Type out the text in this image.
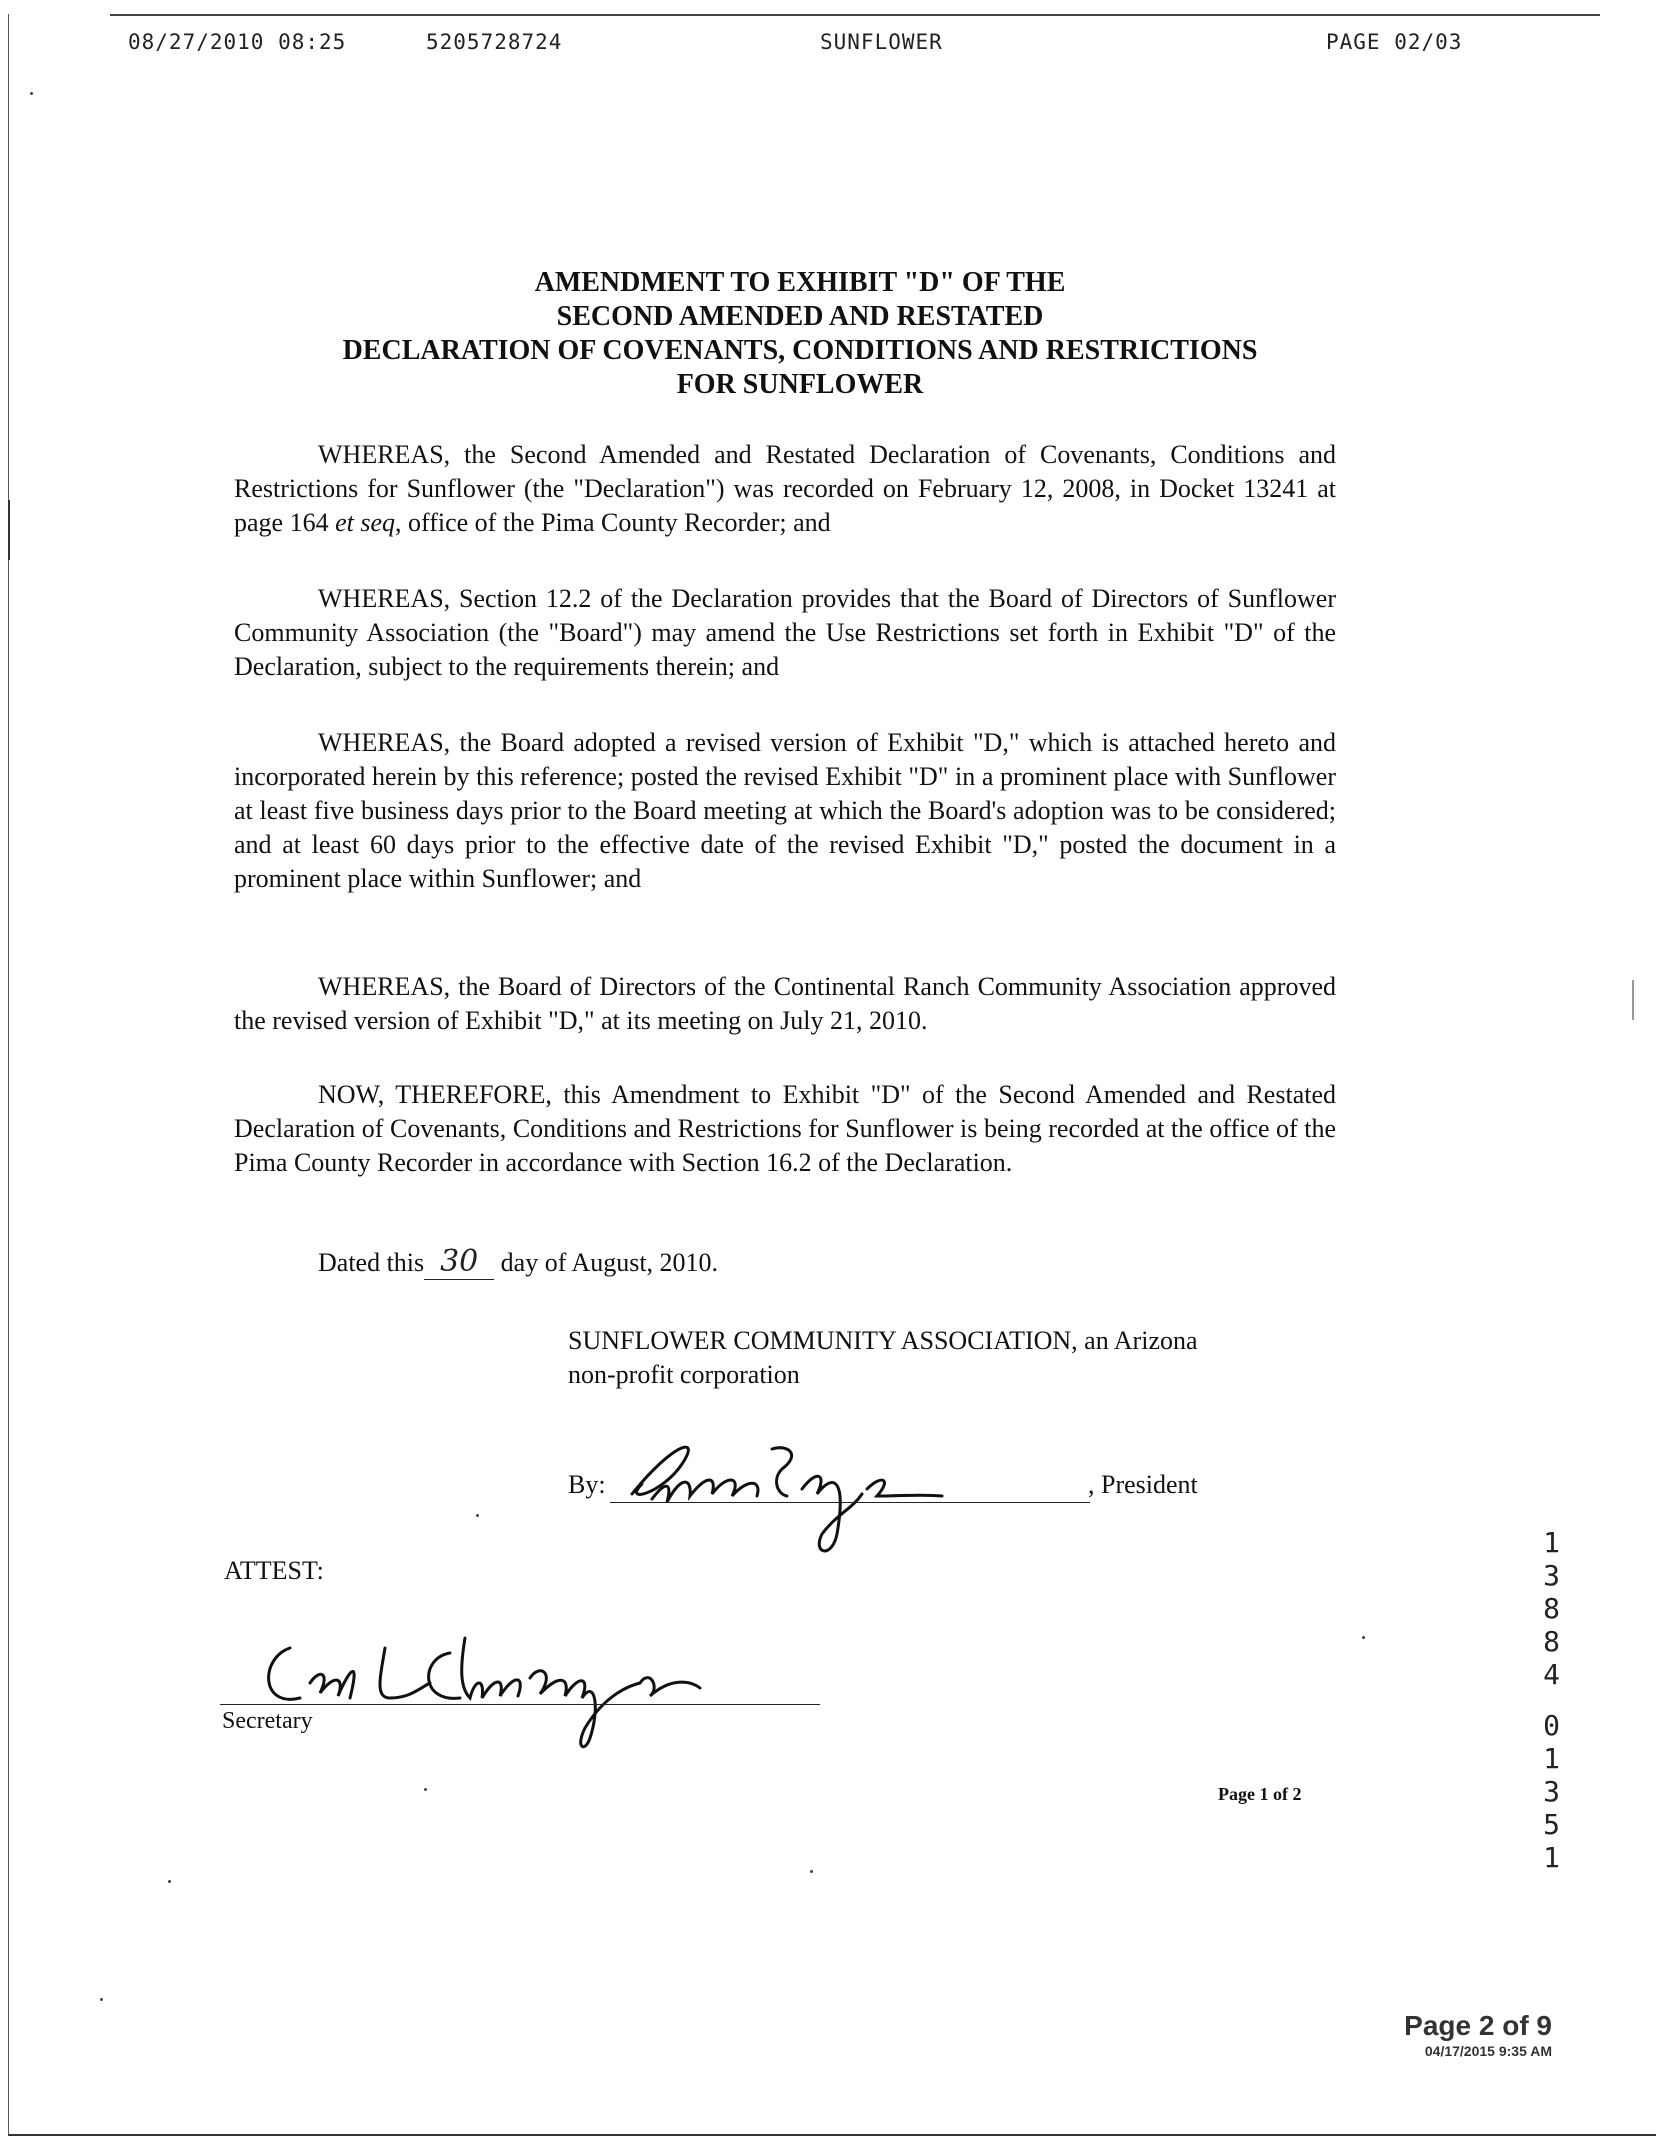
08/27/2010 08:25	5205728724	SUNFLOWER	PAGE 02/03
AMENDMENT TO EXHIBIT "D" OF THE
SECOND AMENDED AND RESTATED
DECLARATION OF COVENANTS, CONDITIONS AND RESTRICTIONS
FOR SUNFLOWER
WHEREAS, the Second Amended and Restated Declaration of Covenants, Conditions and Restrictions for Sunflower (the "Declaration") was recorded on February 12, 2008, in Docket 13241 at page 164 et seq, office of the Pima County Recorder; and
WHEREAS, Section 12.2 of the Declaration provides that the Board of Directors of Sunflower Community Association (the "Board") may amend the Use Restrictions set forth in Exhibit "D" of the Declaration, subject to the requirements therein; and
WHEREAS, the Board adopted a revised version of Exhibit "D," which is attached hereto and incorporated herein by this reference; posted the revised Exhibit "D" in a prominent place with Sunflower at least five business days prior to the Board meeting at which the Board's adoption was to be considered; and at least 60 days prior to the effective date of the revised Exhibit "D," posted the document in a prominent place within Sunflower; and
WHEREAS, the Board of Directors of the Continental Ranch Community Association approved the revised version of Exhibit "D," at its meeting on July 21, 2010.
NOW, THEREFORE, this Amendment to Exhibit "D" of the Second Amended and Restated Declaration of Covenants, Conditions and Restrictions for Sunflower is being recorded at the office of the Pima County Recorder in accordance with Section 16.2 of the Declaration.
Dated this 30 day of August, 2010.
SUNFLOWER COMMUNITY ASSOCIATION, an Arizona
non-profit corporation
By:	, President
ATTEST:
Secretary
Page 1 of 2
13884
01351
Page 2 of 9
04/17/2015 9:35 AM
